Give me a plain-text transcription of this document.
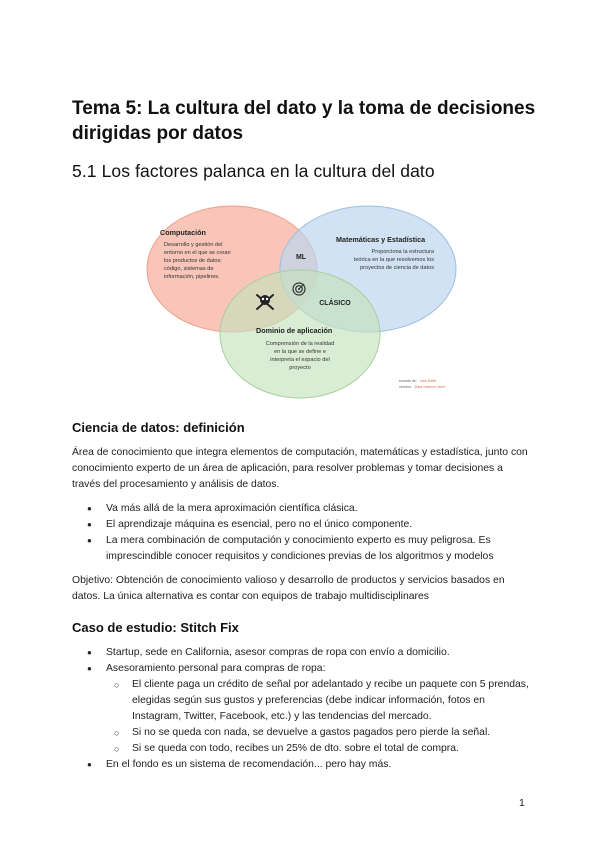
Tema 5: La cultura del dato y la toma de decisiones dirigidas por datos
5.1 Los factores palanca en la cultura del dato
Computación
Desarrollo y gestión del
entorno en el que se crean
los productos de datos:
código, sistemas de
información, pipelines.
Matemáticas y Estadística
Proporciona la estructura
teórica en la que resolvemos los
proyectos de ciencia de datos
ML
CLÁSICO
Dominio de aplicación
Comprensión de la realidad
en la que se define e
interpreta el espacio del
proyecto
tomado de: Iván Höfer
versión: Data Science Venn
Ciencia de datos: definición

Área de conocimiento que integra elementos de computación, matemáticas y estadística, junto con conocimiento experto de un área de aplicación, para resolver problemas y tomar decisiones a través del procesamiento y análisis de datos.

● Va más allá de la mera aproximación científica clásica.
● El aprendizaje máquina es esencial, pero no el único componente.
● La mera combinación de computación y conocimiento experto es muy peligrosa. Es imprescindible conocer requisitos y condiciones previas de los algoritmos y modelos

Objetivo: Obtención de conocimiento valioso y desarrollo de productos y servicios basados en datos. La única alternativa es contar con equipos de trabajo multidisciplinares

Caso de estudio: Stitch Fix
● Startup, sede en California, asesor compras de ropa con envío a domicilio.
● Asesoramiento personal para compras de ropa:
○ El cliente paga un crédito de señal por adelantado y recibe un paquete con 5 prendas, elegidas según sus gustos y preferencias (debe indicar información, fotos en Instagram, Twitter, Facebook, etc.) y las tendencias del mercado.
○ Si no se queda con nada, se devuelve a gastos pagados pero pierde la señal.
○ Si se queda con todo, recibes un 25% de dto. sobre el total de compra.
● En el fondo es un sistema de recomendación... pero hay más.
1
